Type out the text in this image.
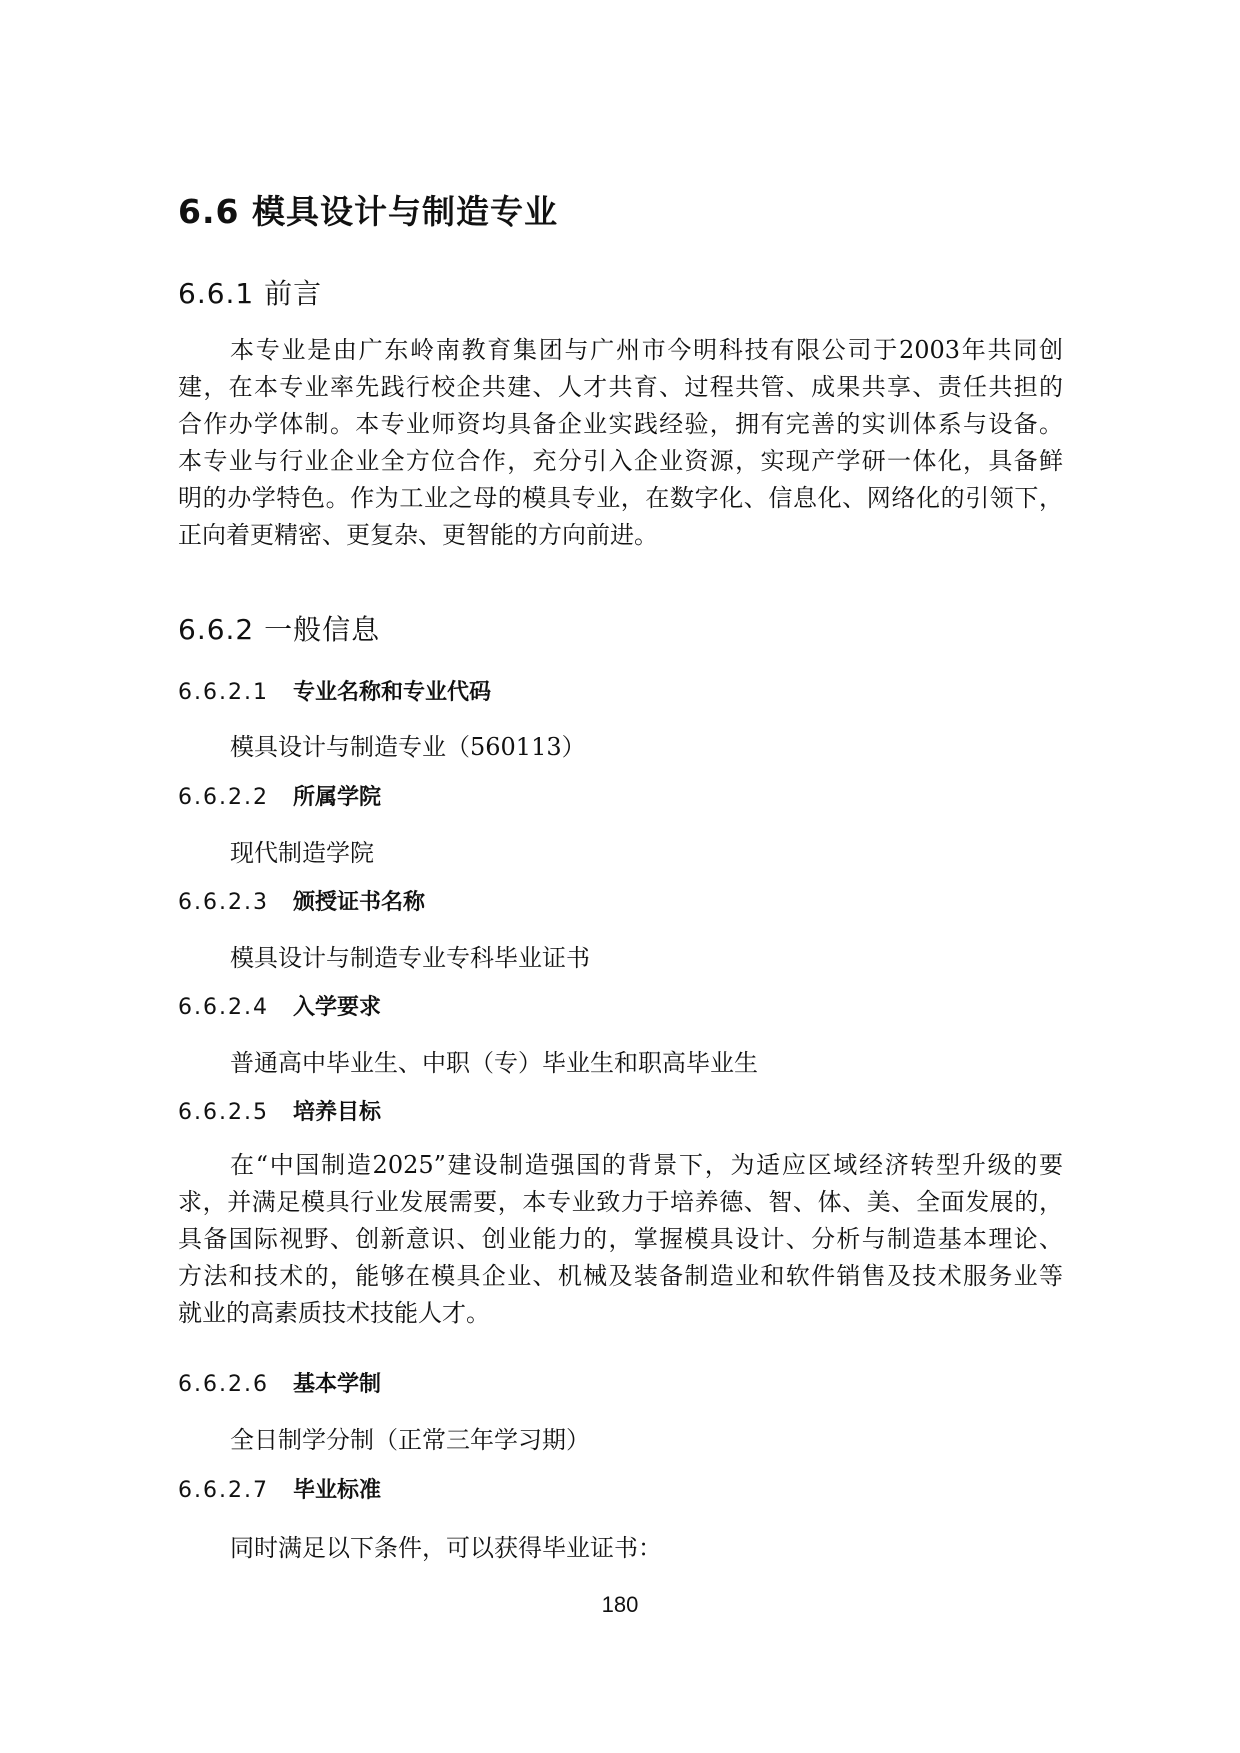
6.6 模具设计与制造专业
6.6.1 前言
本专业是由广东岭南教育集团与广州市今明科技有限公司于2003年共同创
建，在本专业率先践行校企共建、人才共育、过程共管、成果共享、责任共担的
合作办学体制。本专业师资均具备企业实践经验，拥有完善的实训体系与设备。
本专业与行业企业全方位合作，充分引入企业资源，实现产学研一体化，具备鲜
明的办学特色。作为工业之母的模具专业，在数字化、信息化、网络化的引领下，
正向着更精密、更复杂、更智能的方向前进。
6.6.2 一般信息
6.6.2.1 专业名称和专业代码
模具设计与制造专业（560113）
6.6.2.2 所属学院
现代制造学院
6.6.2.3 颁授证书名称
模具设计与制造专业专科毕业证书
6.6.2.4 入学要求
普通高中毕业生、中职（专）毕业生和职高毕业生
6.6.2.5 培养目标
在“中国制造2025”建设制造强国的背景下，为适应区域经济转型升级的要
求，并满足模具行业发展需要，本专业致力于培养德、智、体、美、全面发展的，
具备国际视野、创新意识、创业能力的，掌握模具设计、分析与制造基本理论、
方法和技术的，能够在模具企业、机械及装备制造业和软件销售及技术服务业等
就业的高素质技术技能人才。
6.6.2.6 基本学制
全日制学分制（正常三年学习期）
6.6.2.7 毕业标准
同时满足以下条件，可以获得毕业证书：
180
